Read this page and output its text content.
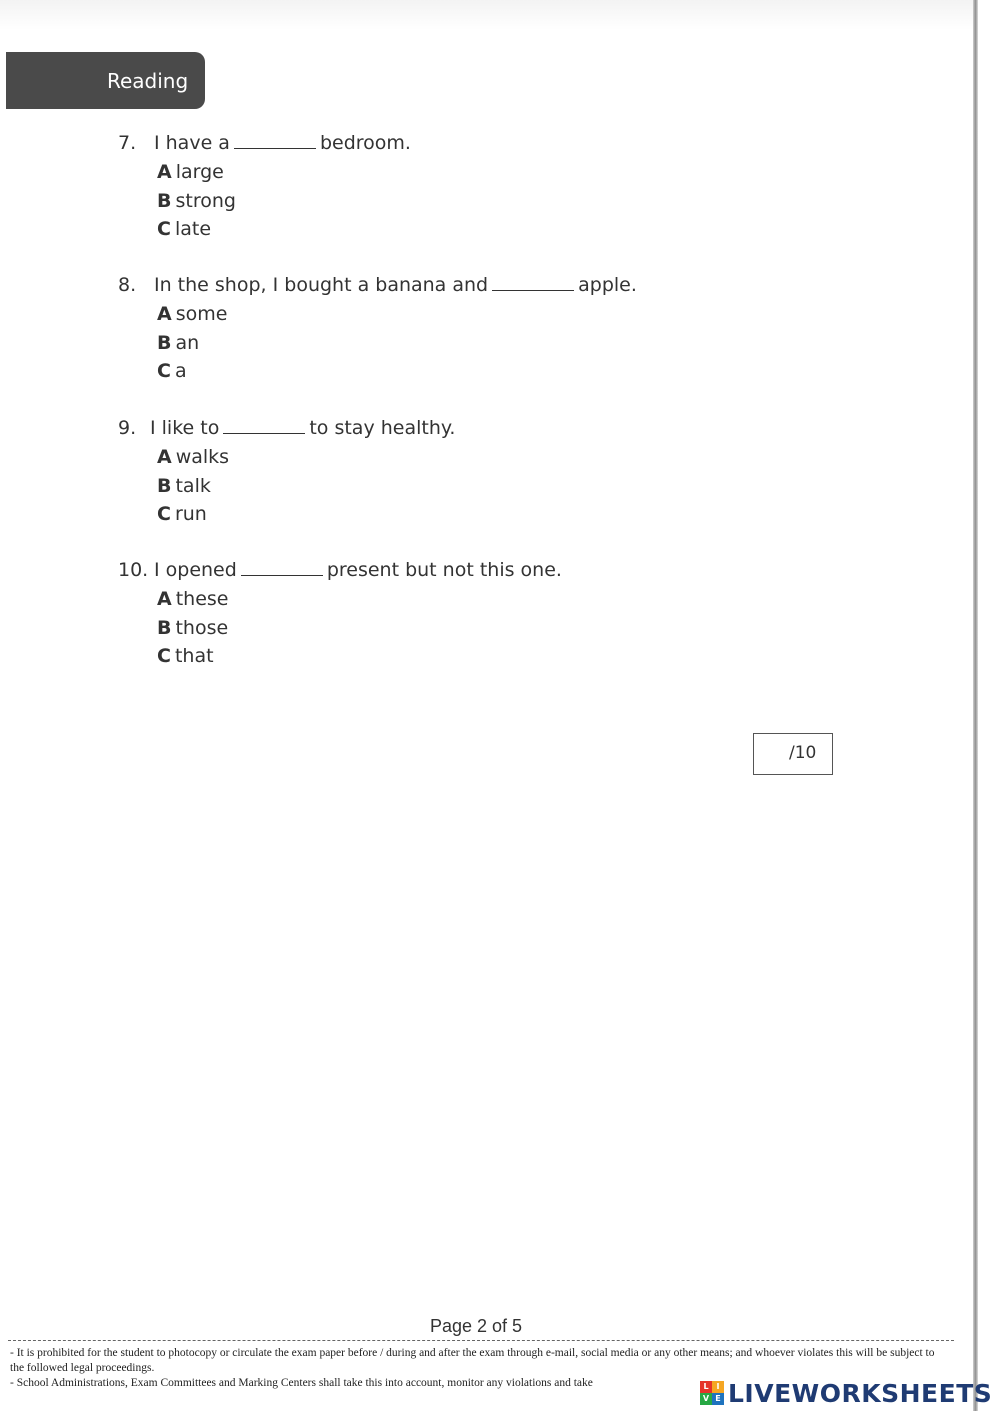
Reading
7. I have a	bedroom.
A large
B strong
C late
8. In the shop, I bought a banana and	apple.
A some
B an
C a
9. I like to	to stay healthy.
A walks
B talk
C run
10. I opened	present but not this one.
A these
B those
C that
/10
Page 2 of 5

- It is prohibited for the student to photocopy or circulate the exam paper before / during and after the exam through e-mail, social media or any other means; and whoever violates this will be subject to the followed legal proceedings.

- School Administrations, Exam Committees and Marking Centers shall take this into account, monitor any violations and take	L I
V E LIVEWORKSHEETS
